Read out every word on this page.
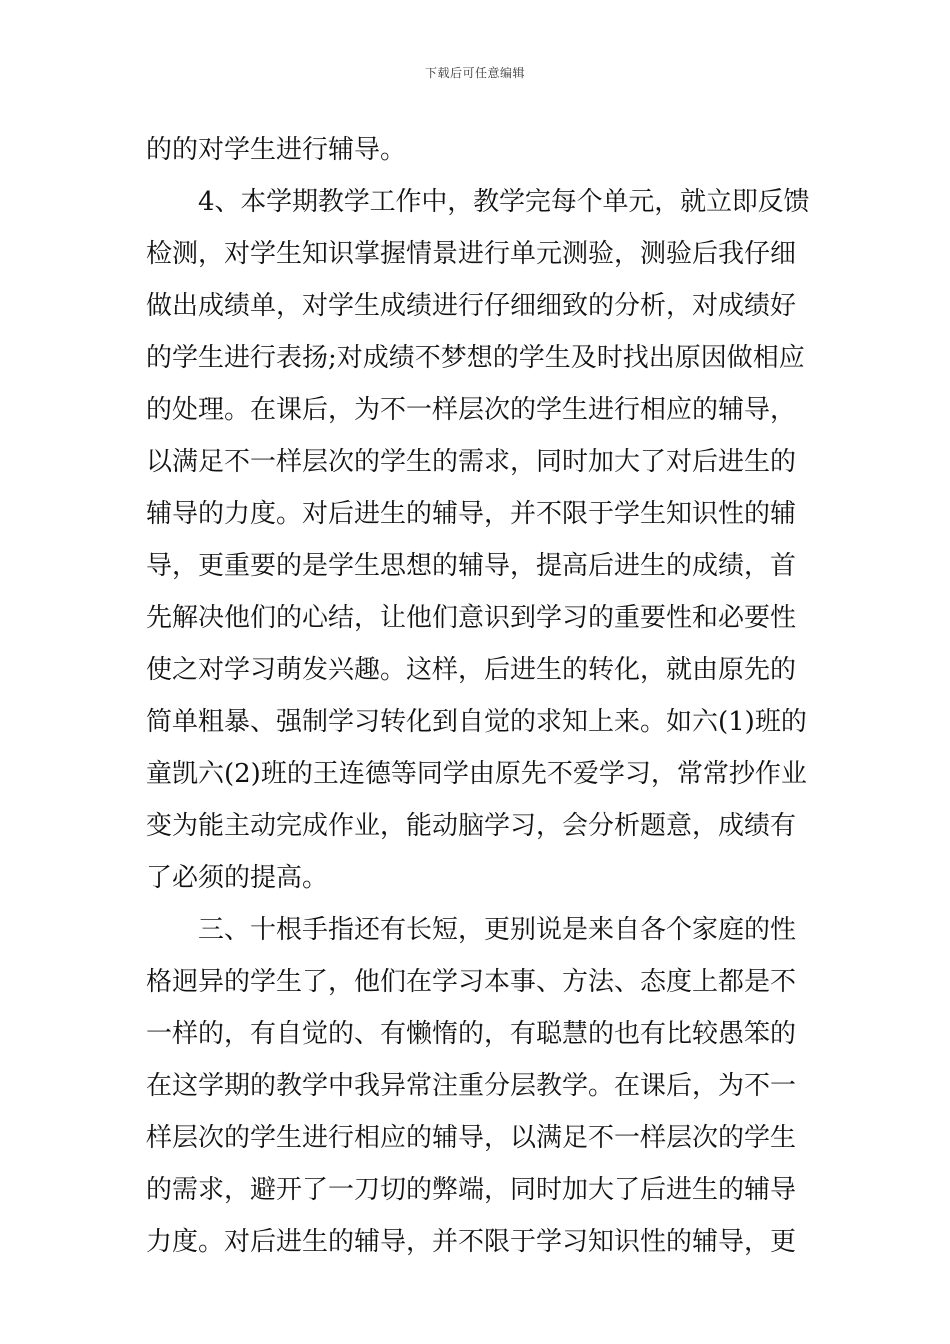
下载后可任意编辑
的的对学生进行辅导。
4、本学期教学工作中，教学完每个单元，就立即反馈
检测，对学生知识掌握情景进行单元测验，测验后我仔细
做出成绩单，对学生成绩进行仔细细致的分析，对成绩好
的学生进行表扬;对成绩不梦想的学生及时找出原因做相应
的处理。在课后，为不一样层次的学生进行相应的辅导，
以满足不一样层次的学生的需求，同时加大了对后进生的
辅导的力度。对后进生的辅导，并不限于学生知识性的辅
导，更重要的是学生思想的辅导，提高后进生的成绩，首
先解决他们的心结，让他们意识到学习的重要性和必要性
使之对学习萌发兴趣。这样，后进生的转化，就由原先的
简单粗暴、强制学习转化到自觉的求知上来。如六(1)班的
童凯六(2)班的王连德等同学由原先不爱学习，常常抄作业
变为能主动完成作业，能动脑学习，会分析题意，成绩有
了必须的提高。
三、十根手指还有长短，更别说是来自各个家庭的性
格迥异的学生了，他们在学习本事、方法、态度上都是不
一样的，有自觉的、有懒惰的，有聪慧的也有比较愚笨的
在这学期的教学中我异常注重分层教学。在课后，为不一
样层次的学生进行相应的辅导，以满足不一样层次的学生
的需求，避开了一刀切的弊端，同时加大了后进生的辅导
力度。对后进生的辅导，并不限于学习知识性的辅导，更
